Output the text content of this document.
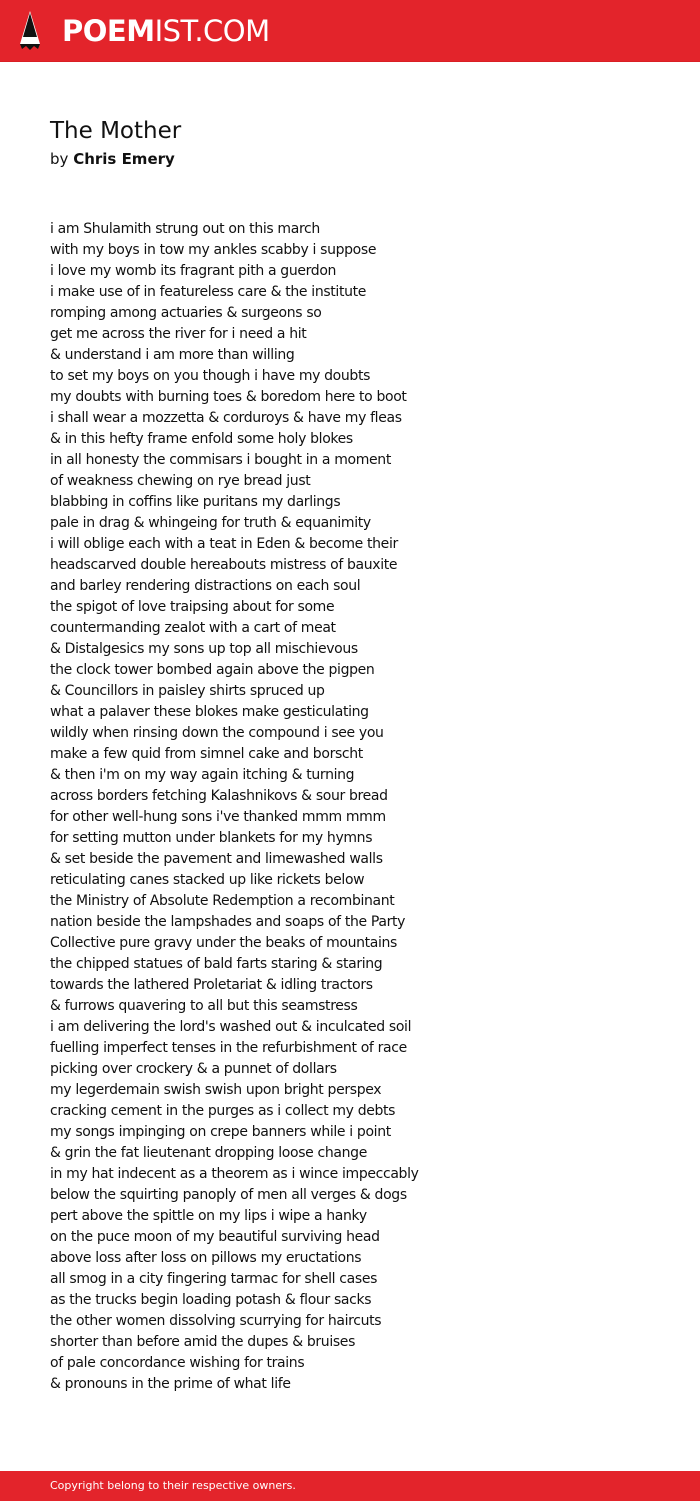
POEMIST.COM
The Mother
by Chris Emery
i am Shulamith strung out on this march
with my boys in tow my ankles scabby i suppose
i love my womb its fragrant pith a guerdon
i make use of in featureless care & the institute
romping among actuaries & surgeons so
get me across the river for i need a hit
& understand i am more than willing
to set my boys on you though i have my doubts
my doubts with burning toes & boredom here to boot
i shall wear a mozzetta & corduroys & have my fleas
& in this hefty frame enfold some holy blokes
in all honesty the commisars i bought in a moment
of weakness chewing on rye bread just
blabbing in coffins like puritans my darlings
pale in drag & whingeing for truth & equanimity
i will oblige each with a teat in Eden & become their
headscarved double hereabouts mistress of bauxite
and barley rendering distractions on each soul
the spigot of love traipsing about for some
countermanding zealot with a cart of meat
& Distalgesics my sons up top all mischievous
the clock tower bombed again above the pigpen
& Councillors in paisley shirts spruced up
what a palaver these blokes make gesticulating
wildly when rinsing down the compound i see you
make a few quid from simnel cake and borscht
& then i'm on my way again itching & turning
across borders fetching Kalashnikovs & sour bread
for other well-hung sons i've thanked mmm mmm
for setting mutton under blankets for my hymns
& set beside the pavement and limewashed walls
reticulating canes stacked up like rickets below
the Ministry of Absolute Redemption a recombinant
nation beside the lampshades and soaps of the Party
Collective pure gravy under the beaks of mountains
the chipped statues of bald farts staring & staring
towards the lathered Proletariat & idling tractors
& furrows quavering to all but this seamstress
i am delivering the lord's washed out & inculcated soil
fuelling imperfect tenses in the refurbishment of race
picking over crockery & a punnet of dollars
my legerdemain swish swish upon bright perspex
cracking cement in the purges as i collect my debts
my songs impinging on crepe banners while i point
& grin the fat lieutenant dropping loose change
in my hat indecent as a theorem as i wince impeccably
below the squirting panoply of men all verges & dogs
pert above the spittle on my lips i wipe a hanky
on the puce moon of my beautiful surviving head
above loss after loss on pillows my eructations
all smog in a city fingering tarmac for shell cases
as the trucks begin loading potash & flour sacks
the other women dissolving scurrying for haircuts
shorter than before amid the dupes & bruises
of pale concordance wishing for trains
& pronouns in the prime of what life
Copyright belong to their respective owners.
